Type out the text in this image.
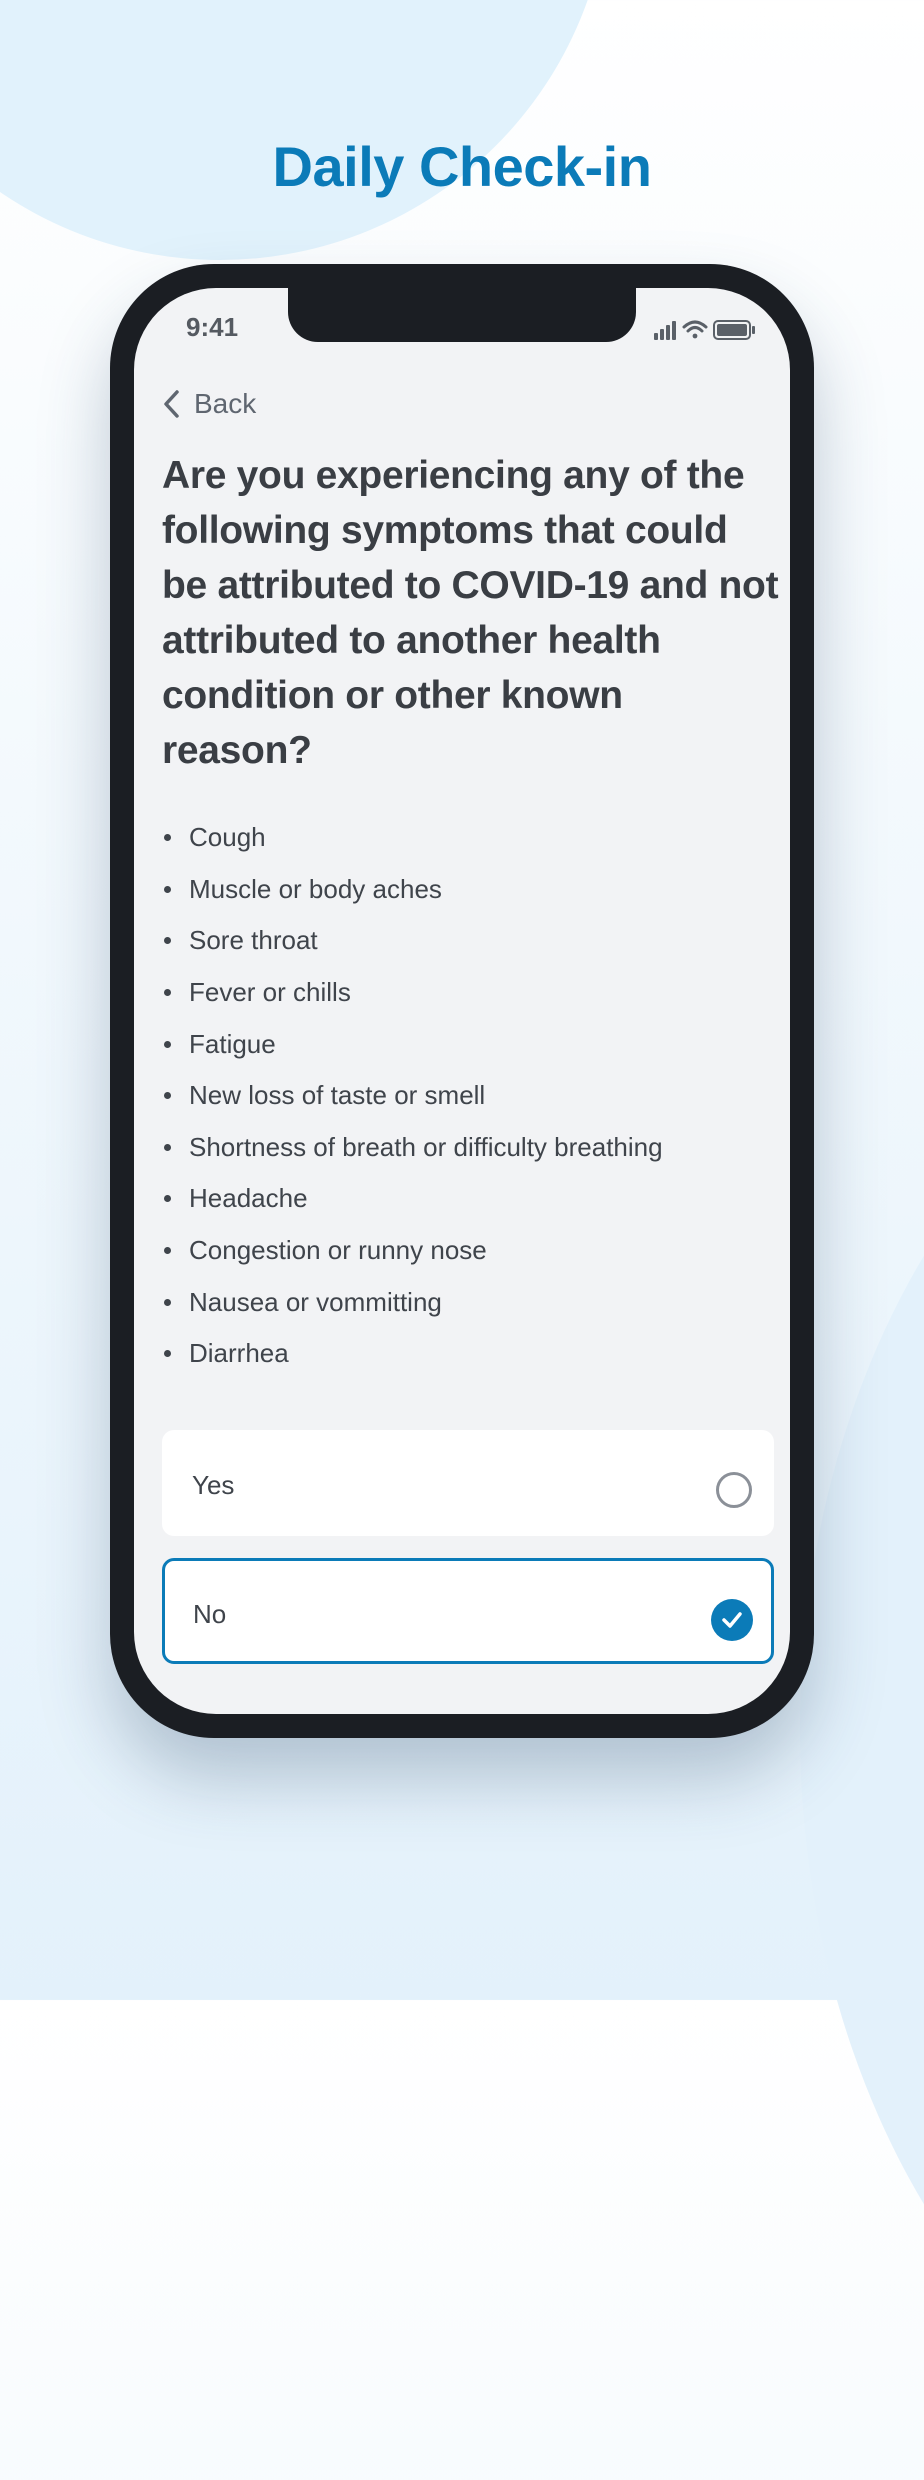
Daily Check-in
9:41
Back
Are you experiencing any of the following symptoms that could be attributed to COVID-19 and not attributed to another health condition or other known reason?
Cough
Muscle or body aches
Sore throat
Fever or chills
Fatigue
New loss of taste or smell
Shortness of breath or difficulty breathing
Headache
Congestion or runny nose
Nausea or vommitting
Diarrhea
Yes
No
